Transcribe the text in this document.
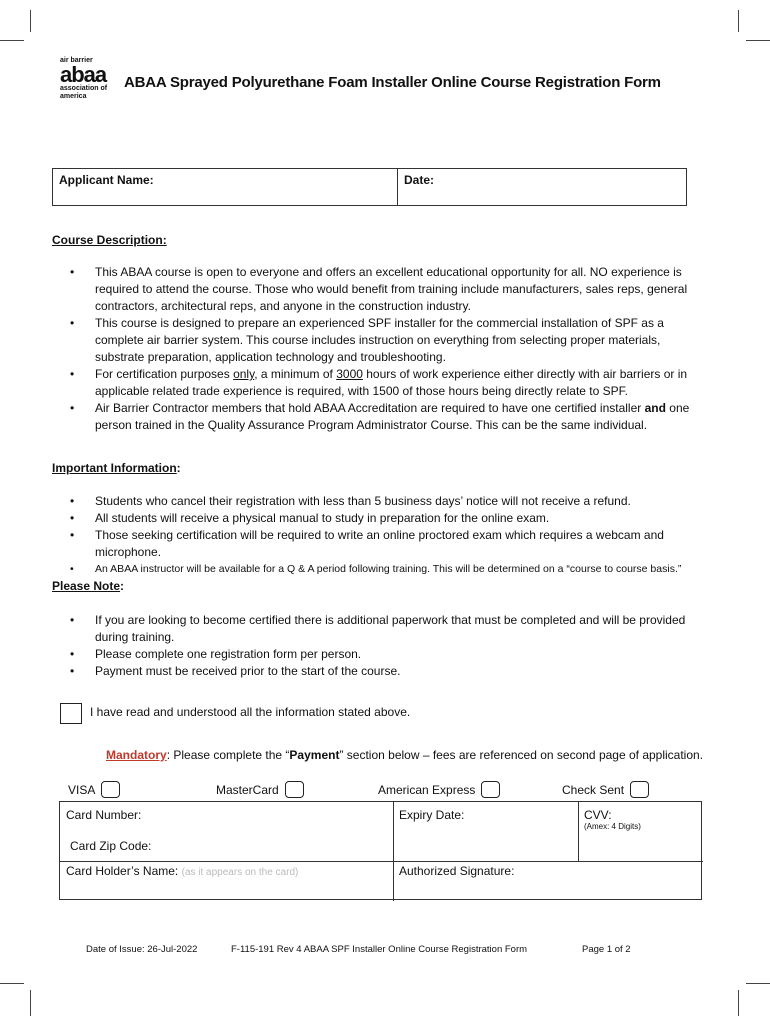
air barrier
abaa
association of
america
ABAA Sprayed Polyurethane Foam Installer Online Course Registration Form
Applicant Name:	Date:
Course Description:
• This ABAA course is open to everyone and offers an excellent educational opportunity for all. NO experience is required to attend the course. Those who would benefit from training include manufacturers, sales reps, general contractors, architectural reps, and anyone in the construction industry.
• This course is designed to prepare an experienced SPF installer for the commercial installation of SPF as a complete air barrier system. This course includes instruction on everything from selecting proper materials, substrate preparation, application technology and troubleshooting.
• For certification purposes only, a minimum of 3000 hours of work experience either directly with air barriers or in applicable related trade experience is required, with 1500 of those hours being directly relate to SPF.
• Air Barrier Contractor members that hold ABAA Accreditation are required to have one certified installer and one person trained in the Quality Assurance Program Administrator Course. This can be the same individual.
Important Information:
• Students who cancel their registration with less than 5 business days’ notice will not receive a refund.
• All students will receive a physical manual to study in preparation for the online exam.
• Those seeking certification will be required to write an online proctored exam which requires a webcam and microphone.
• An ABAA instructor will be available for a Q & A period following training. This will be determined on a “course to course basis.”
Please Note:
• If you are looking to become certified there is additional paperwork that must be completed and will be provided during training.
• Please complete one registration form per person.
• Payment must be received prior to the start of the course.
I have read and understood all the information stated above.
Mandatory: Please complete the “Payment” section below – fees are referenced on second page of application.
VISA	MasterCard	American Express	Check Sent
Card Number:	Expiry Date:	CVV:
(Amex: 4 Digits)
Card Zip Code:
Card Holder’s Name: (as it appears on the card)	Authorized Signature:
Date of Issue: 26-Jul-2022	F-115-191 Rev 4 ABAA SPF Installer Online Course Registration Form	Page 1 of 2
